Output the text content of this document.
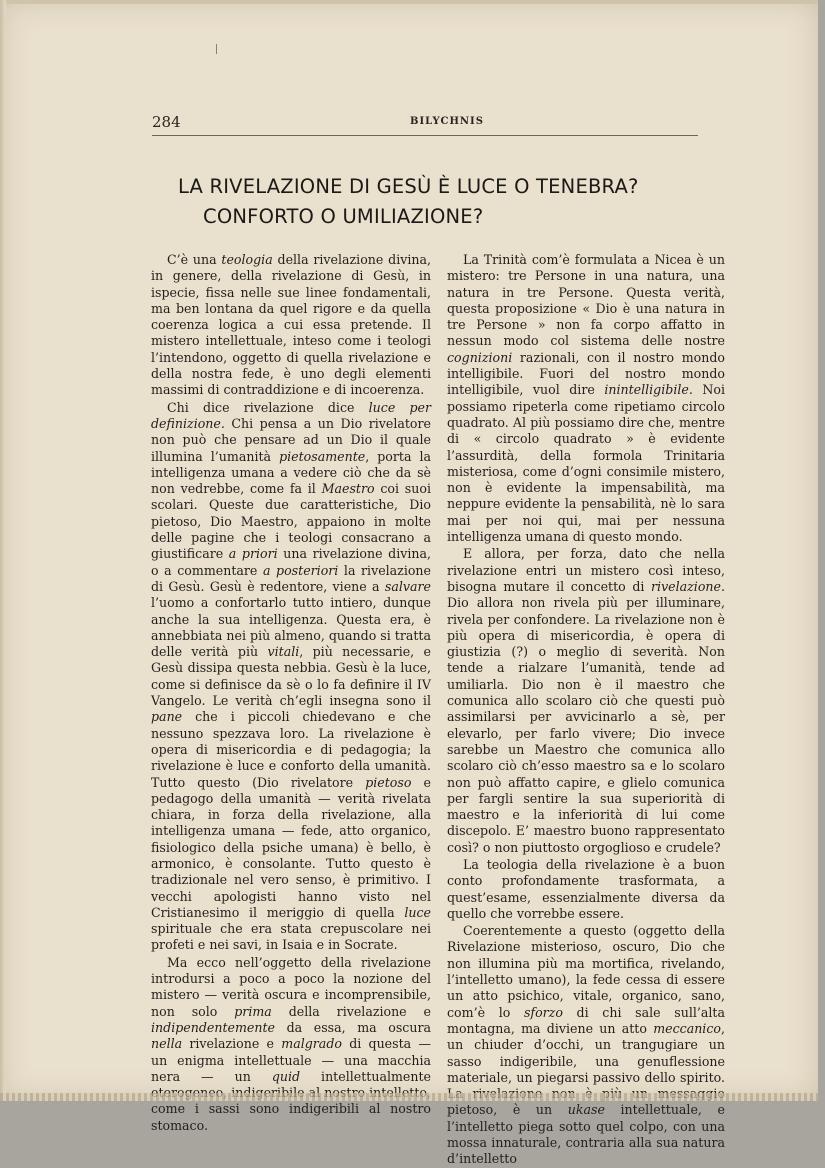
284	BILYCHNIS
LA RIVELAZIONE DI GESÙ È LUCE O TENEBRA?
CONFORTO O UMILIAZIONE?

C’è una teologia della rivelazione divina, in genere, della rivelazione di Gesù, in ispecie, fissa nelle sue linee fondamentali, ma ben lontana da quel rigore e da quella coerenza logica a cui essa pretende. Il mistero intellettuale, inteso come i teologi l’intendono, oggetto di quella rivelazione e della nostra fede, è uno degli elementi massimi di contraddizione e di incoerenza.

Chi dice rivelazione dice luce per definizione. Chi pensa a un Dio rivelatore non può che pensare ad un Dio il quale illumina l’umanità pietosamente, porta la intelligenza umana a vedere ciò che da sè non vedrebbe, come fa il Maestro coi suoi scolari. Queste due caratteristiche, Dio pietoso, Dio Maestro, appaiono in molte delle pagine che i teologi consacrano a giustificare a priori una rivelazione divina, o a commentare a posteriori la rivelazione di Gesù. Gesù è redentore, viene a salvare l’uomo a confortarlo tutto intiero, dunque anche la sua intelligenza. Questa era, è annebbiata nei più almeno, quando si tratta delle verità più vitali, più necessarie, e Gesù dissipa questa nebbia. Gesù è la luce, come si definisce da sè o lo fa definire il IV Vangelo. Le verità ch’egli insegna sono il pane che i piccoli chiedevano e che nessuno spezzava loro. La rivelazione è opera di misericordia e di pedagogia; la rivelazione è luce e conforto della umanità. Tutto questo (Dio rivelatore pietoso e pedagogo della umanità — verità rivelata chiara, in forza della rivelazione, alla intelligenza umana — fede, atto organico, fisiologico della psiche umana) è bello, è armonico, è consolante. Tutto questo è tradizionale nel vero senso, è primitivo. I vecchi apologisti hanno visto nel Cristianesimo il meriggio di quella luce spirituale che era stata crepuscolare nei profeti e nei savi, in Isaia e in Socrate.

Ma ecco nell’oggetto della rivelazione introdursi a poco a poco la nozione del mistero — verità oscura e incomprensibile, non solo prima della rivelazione e indipendentemente da essa, ma oscura nella rivelazione e malgrado di questa — un enigma intellettuale — una macchia nera — un quid intellettualmente come i sassi sono indigeribili al nostro stomaco.

La Trinità com’è formulata a Nicea è un mistero: tre Persone in una natura, una natura in tre Persone. Questa verità, questa proposizione « Dio è una natura in tre Persone » non fa corpo affatto in nessun modo col sistema delle nostre cognizioni razionali, con il nostro mondo intelligibile. Fuori del nostro mondo intelligibile, vuol dire inintelligibile. Noi possiamo ripeterla come ripetiamo circolo quadrato. Al più possiamo dire che, mentre di « circolo quadrato » è evidente l’assurdità, della formola Trinitaria misteriosa, come d’ogni consimile mistero, non è evidente la impensabilità, ma neppure evidente la pensabilità, nè lo sara mai per noi qui, mai per nessuna intelligenza umana di questo mondo.

E allora, per forza, dato che nella rivelazione entri un mistero così inteso, bisogna mutare il concetto di rivelazione. Dio allora non rivela più per illuminare, rivela per confondere. La rivelazione non è più opera di misericordia, è opera di giustizia (?) o meglio di severità. Non tende a rialzare l’umanità, tende ad umiliarla. Dio non è il maestro che comunica allo scolaro ciò che questi può assimilarsi per avvicinarlo a sè, per elevarlo, per farlo vivere; Dio invece sarebbe un Maestro che comunica allo scolaro ciò ch’esso maestro sa e lo scolaro non può affatto capire, e glielo comunica per fargli sentire la sua superiorità di maestro e la inferiorità di lui come discepolo. E’ maestro buono rappresentato così? o non piuttosto orgoglioso e crudele?

La teologia della rivelazione è a buon conto profondamente trasformata, a quest’esame, essenzialmente diversa da quello che vorrebbe essere.

Coerentemente a questo (oggetto della Rivelazione misterioso, oscuro, Dio che non illumina più ma mortifica, rivelando, l’intelletto umano), la fede cessa di essere un atto psichico, vitale, organico, sano, com’è lo sforzo di chi sale sull’alta montagna, ma diviene un atto meccanico, un chiuder d’occhi, un trangugiare un sasso indigeribile, una genuflessione materiale, un piegarsi passivo dello spirito. pietoso, è un ukase intellettuale, e l’intelletto piega sotto quel colpo, con una mossa innaturale, contraria alla sua natura d’intelletto
